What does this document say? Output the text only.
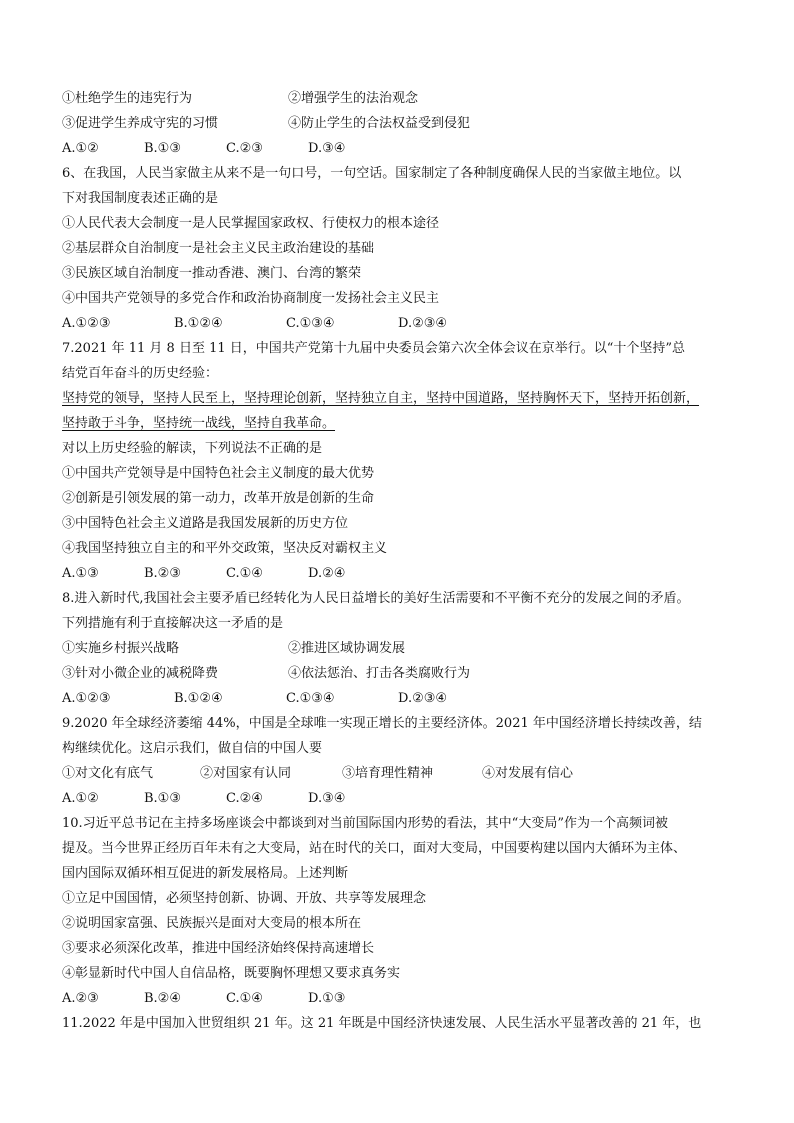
①杜绝学生的违宪行为	②增强学生的法治观念
③促进学生养成守宪的习惯	④防止学生的合法权益受到侵犯
A.①②	B.①③	C.②③	D.③④
6、在我国，人民当家做主从来不是一句口号，一句空话。国家制定了各种制度确保人民的当家做主地位。以
下对我国制度表述正确的是
①人民代表大会制度一是人民掌握国家政权、行使权力的根本途径
②基层群众自治制度一是社会主义民主政治建设的基础
③民族区域自治制度一推动香港、澳门、台湾的繁荣
④中国共产党领导的多党合作和政治协商制度一发扬社会主义民主
A.①②③	B.①②④	C.①③④	D.②③④
7.2021 年 11 月 8 日至 11 日，中国共产党第十九届中央委员会第六次全体会议在京举行。以“十个坚持”总
结党百年奋斗的历史经验：
坚持党的领导，坚持人民至上，坚持理论创新，坚持独立自主，坚持中国道路，坚持胸怀天下，坚持开拓创新，
坚持敢于斗争，坚持统一战线，坚持自我革命。
对以上历史经验的解读，下列说法不正确的是
①中国共产党领导是中国特色社会主义制度的最大优势
②创新是引领发展的第一动力，改革开放是创新的生命
③中国特色社会主义道路是我国发展新的历史方位
④我国坚持独立自主的和平外交政策，坚决反对霸权主义
A.①③	B.②③	C.①④	D.②④
8.进入新时代,我国社会主要矛盾已经转化为人民日益增长的美好生活需要和不平衡不充分的发展之间的矛盾。
下列措施有利于直接解决这一矛盾的是
①实施乡村振兴战略	②推进区域协调发展
③针对小微企业的减税降费	④依法惩治、打击各类腐败行为
A.①②③	B.①②④	C.①③④	D.②③④
9.2020 年全球经济萎缩 44%，中国是全球唯一实现正增长的主要经济体。2021 年中国经济增长持续改善，结
构继续优化。这启示我们，做自信的中国人要
①对文化有底气	②对国家有认同	③培育理性精神	④对发展有信心
A.①②	B.①③	C.②④	D.③④
10.习近平总书记在主持多场座谈会中都谈到对当前国际国内形势的看法，其中“大变局”作为一个高频词被
提及。当今世界正经历百年未有之大变局，站在时代的关口，面对大变局，中国要构建以国内大循环为主体、
国内国际双循环相互促进的新发展格局。上述判断
①立足中国国情，必须坚持创新、协调、开放、共享等发展理念
②说明国家富强、民族振兴是面对大变局的根本所在
③要求必须深化改革，推进中国经济始终保持高速增长
④彰显新时代中国人自信品格，既要胸怀理想又要求真务实
A.②③	B.②④	C.①④	D.①③
11.2022 年是中国加入世贸组织 21 年。这 21 年既是中国经济快速发展、人民生活水平显著改善的 21 年，也
